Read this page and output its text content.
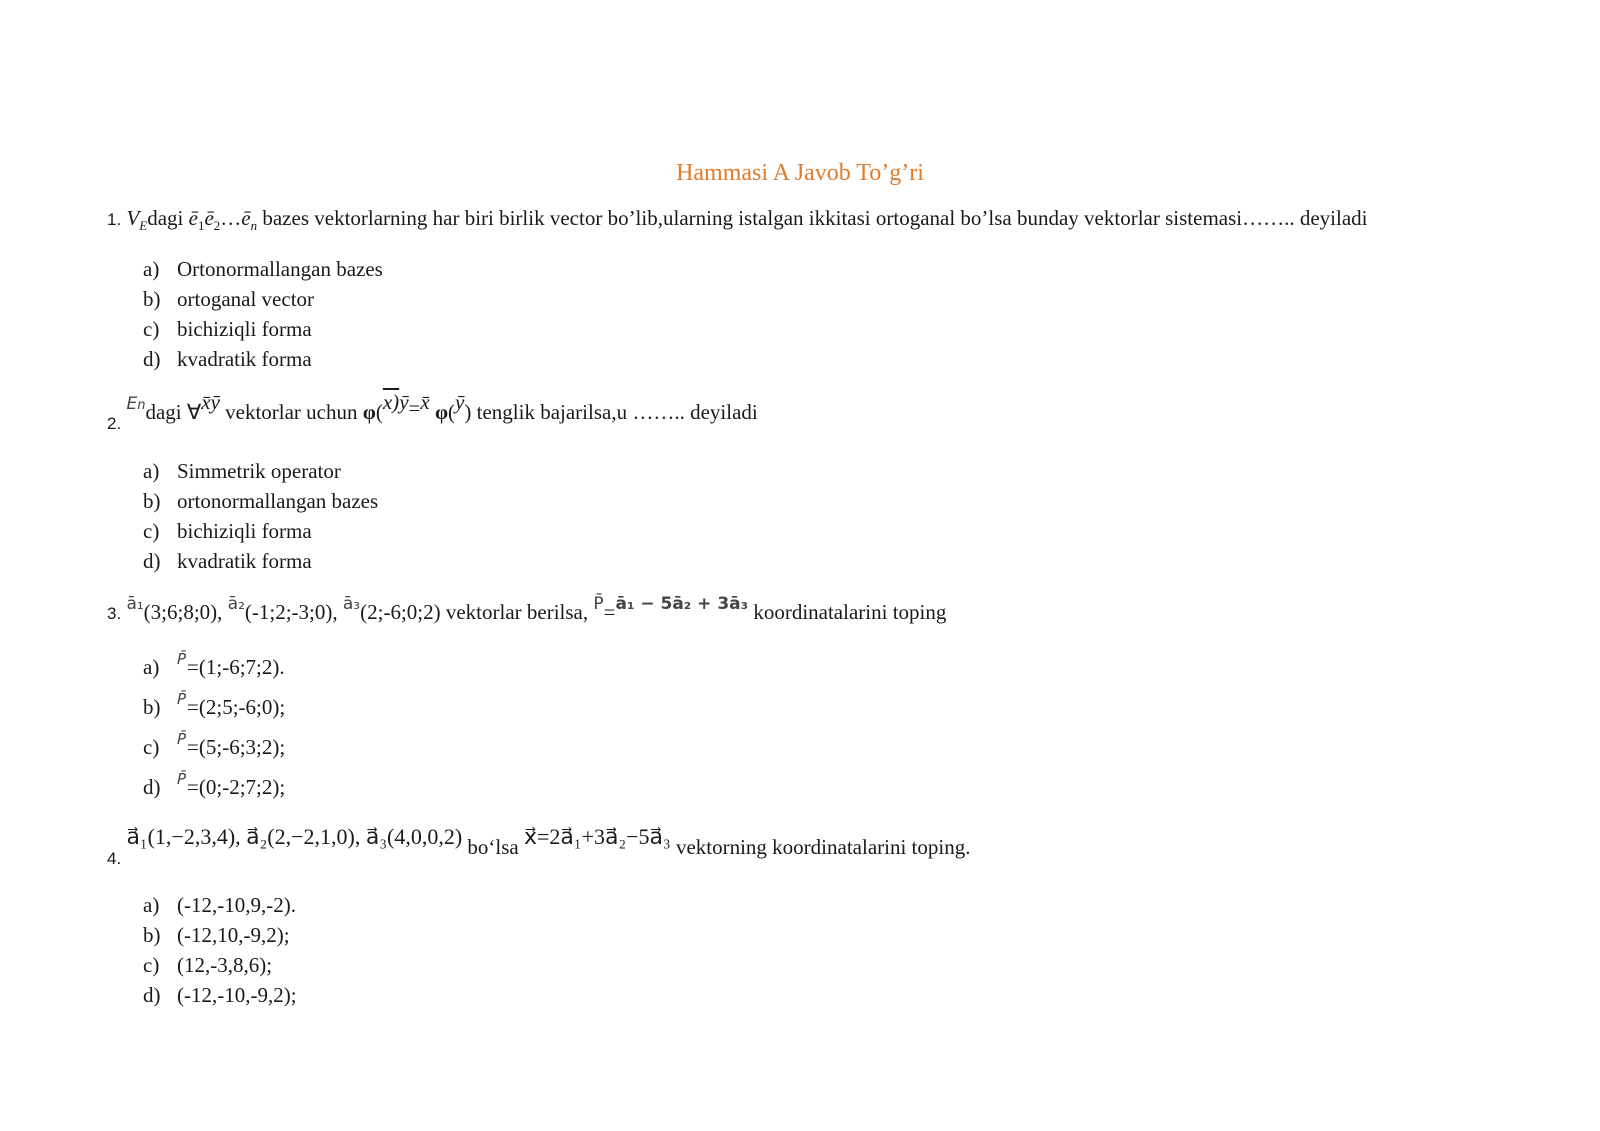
Hammasi A Javob To’g’ri
1. $V_Edagi$ $ē_1ē_2\dots ē_n$ bazes vektorlarning har biri birlik vector bo’lib,ularning istalgan ikkitasi ortoganal bo’lsa bunday vektorlar sistemasi…….. deyiladi
a) Ortonormallangan bazes
b) ortoganal vector
c) bichiziqli forma
d) kvadratik forma
$_{2.}$ $^{En}$dagi ∀x̄ȳ vektorlar uchun φ(x)ȳ=x̄ φ(ȳ) tenglik bajarilsa,u …….. deyiladi
a) Simmetrik operator
b) ortonormallangan bazes
c) bichiziqli forma
d) kvadratik forma
3. $^{ā_1}$(3;6;8;0), $^{ā_2}$(-1;2;-3;0), $^{ā_3}$(2;-6;0;2) vektorlar berilsa, $^{P̄}$=$^{ā_1 - 5ā_2 + 3ā_3}$ koordinatalarini toping
a)	P̄ =(1;-6;7;2).
b)	P̄ =(2;5;-6;0);
c)	P̄ =(5;-6;3;2);
d)	P̄ =(0;-2;7;2);
$_{4.}$ a⃗₁(1,−2,3,4), a⃗₂(2,−2,1,0), a⃗₃(4,0,0,2) bo‘lsa x⃗=2a⃗₁+3a⃗₂−5a⃗₃ vektorning koordinatalarini toping.
a) (-12,-10,9,-2).
b) (-12,10,-9,2);
c) (12,-3,8,6);
d) (-12,-10,-9,2);
